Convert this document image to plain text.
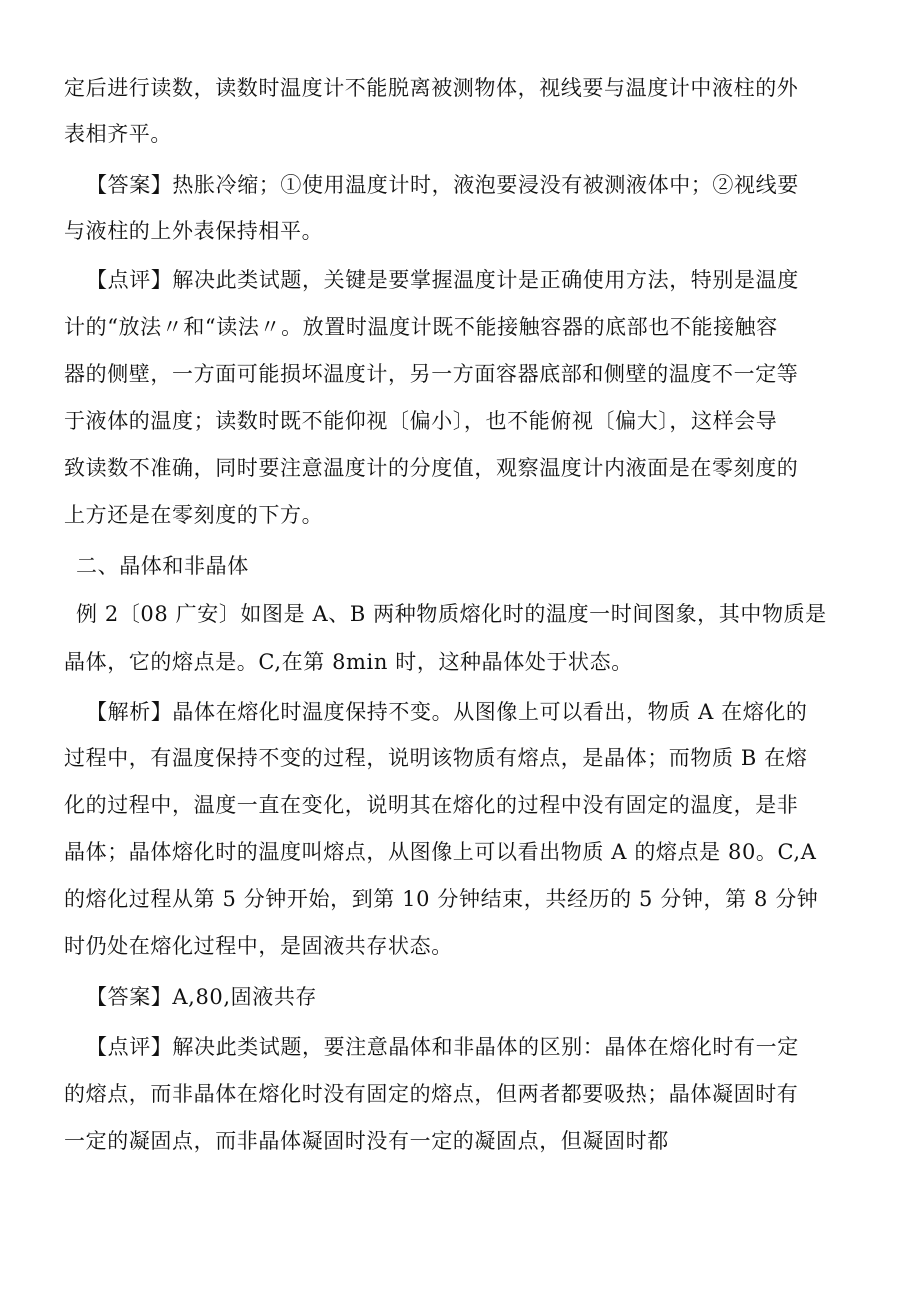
定后进行读数，读数时温度计不能脱离被测物体，视线要与温度计中液柱的外
表相齐平。
【答案】热胀冷缩；①使用温度计时，液泡要浸没有被测液体中；②视线要
与液柱的上外表保持相平。
【点评】解决此类试题，关键是要掌握温度计是正确使用方法，特别是温度
计的“放法〃和“读法〃。放置时温度计既不能接触容器的底部也不能接触容
器的侧壁，一方面可能损坏温度计，另一方面容器底部和侧壁的温度不一定等
于液体的温度；读数时既不能仰视〔偏小〕，也不能俯视〔偏大〕，这样会导
致读数不准确，同时要注意温度计的分度值，观察温度计内液面是在零刻度的
上方还是在零刻度的下方。
二、晶体和非晶体
例 2〔08 广安〕如图是 A、B 两种物质熔化时的温度一时间图象，其中物质是
晶体，它的熔点是。C,在第 8min 时，这种晶体处于状态。
【解析】晶体在熔化时温度保持不变。从图像上可以看出，物质 A 在熔化的
过程中，有温度保持不变的过程，说明该物质有熔点，是晶体；而物质 B 在熔
化的过程中，温度一直在变化，说明其在熔化的过程中没有固定的温度，是非
晶体；晶体熔化时的温度叫熔点，从图像上可以看出物质 A 的熔点是 80。C,A
的熔化过程从第 5 分钟开始，到第 10 分钟结束，共经历的 5 分钟，第 8 分钟
时仍处在熔化过程中，是固液共存状态。
【答案】A,80,固液共存
【点评】解决此类试题，要注意晶体和非晶体的区别：晶体在熔化时有一定
的熔点，而非晶体在熔化时没有固定的熔点，但两者都要吸热；晶体凝固时有
一定的凝固点，而非晶体凝固时没有一定的凝固点，但凝固时都
